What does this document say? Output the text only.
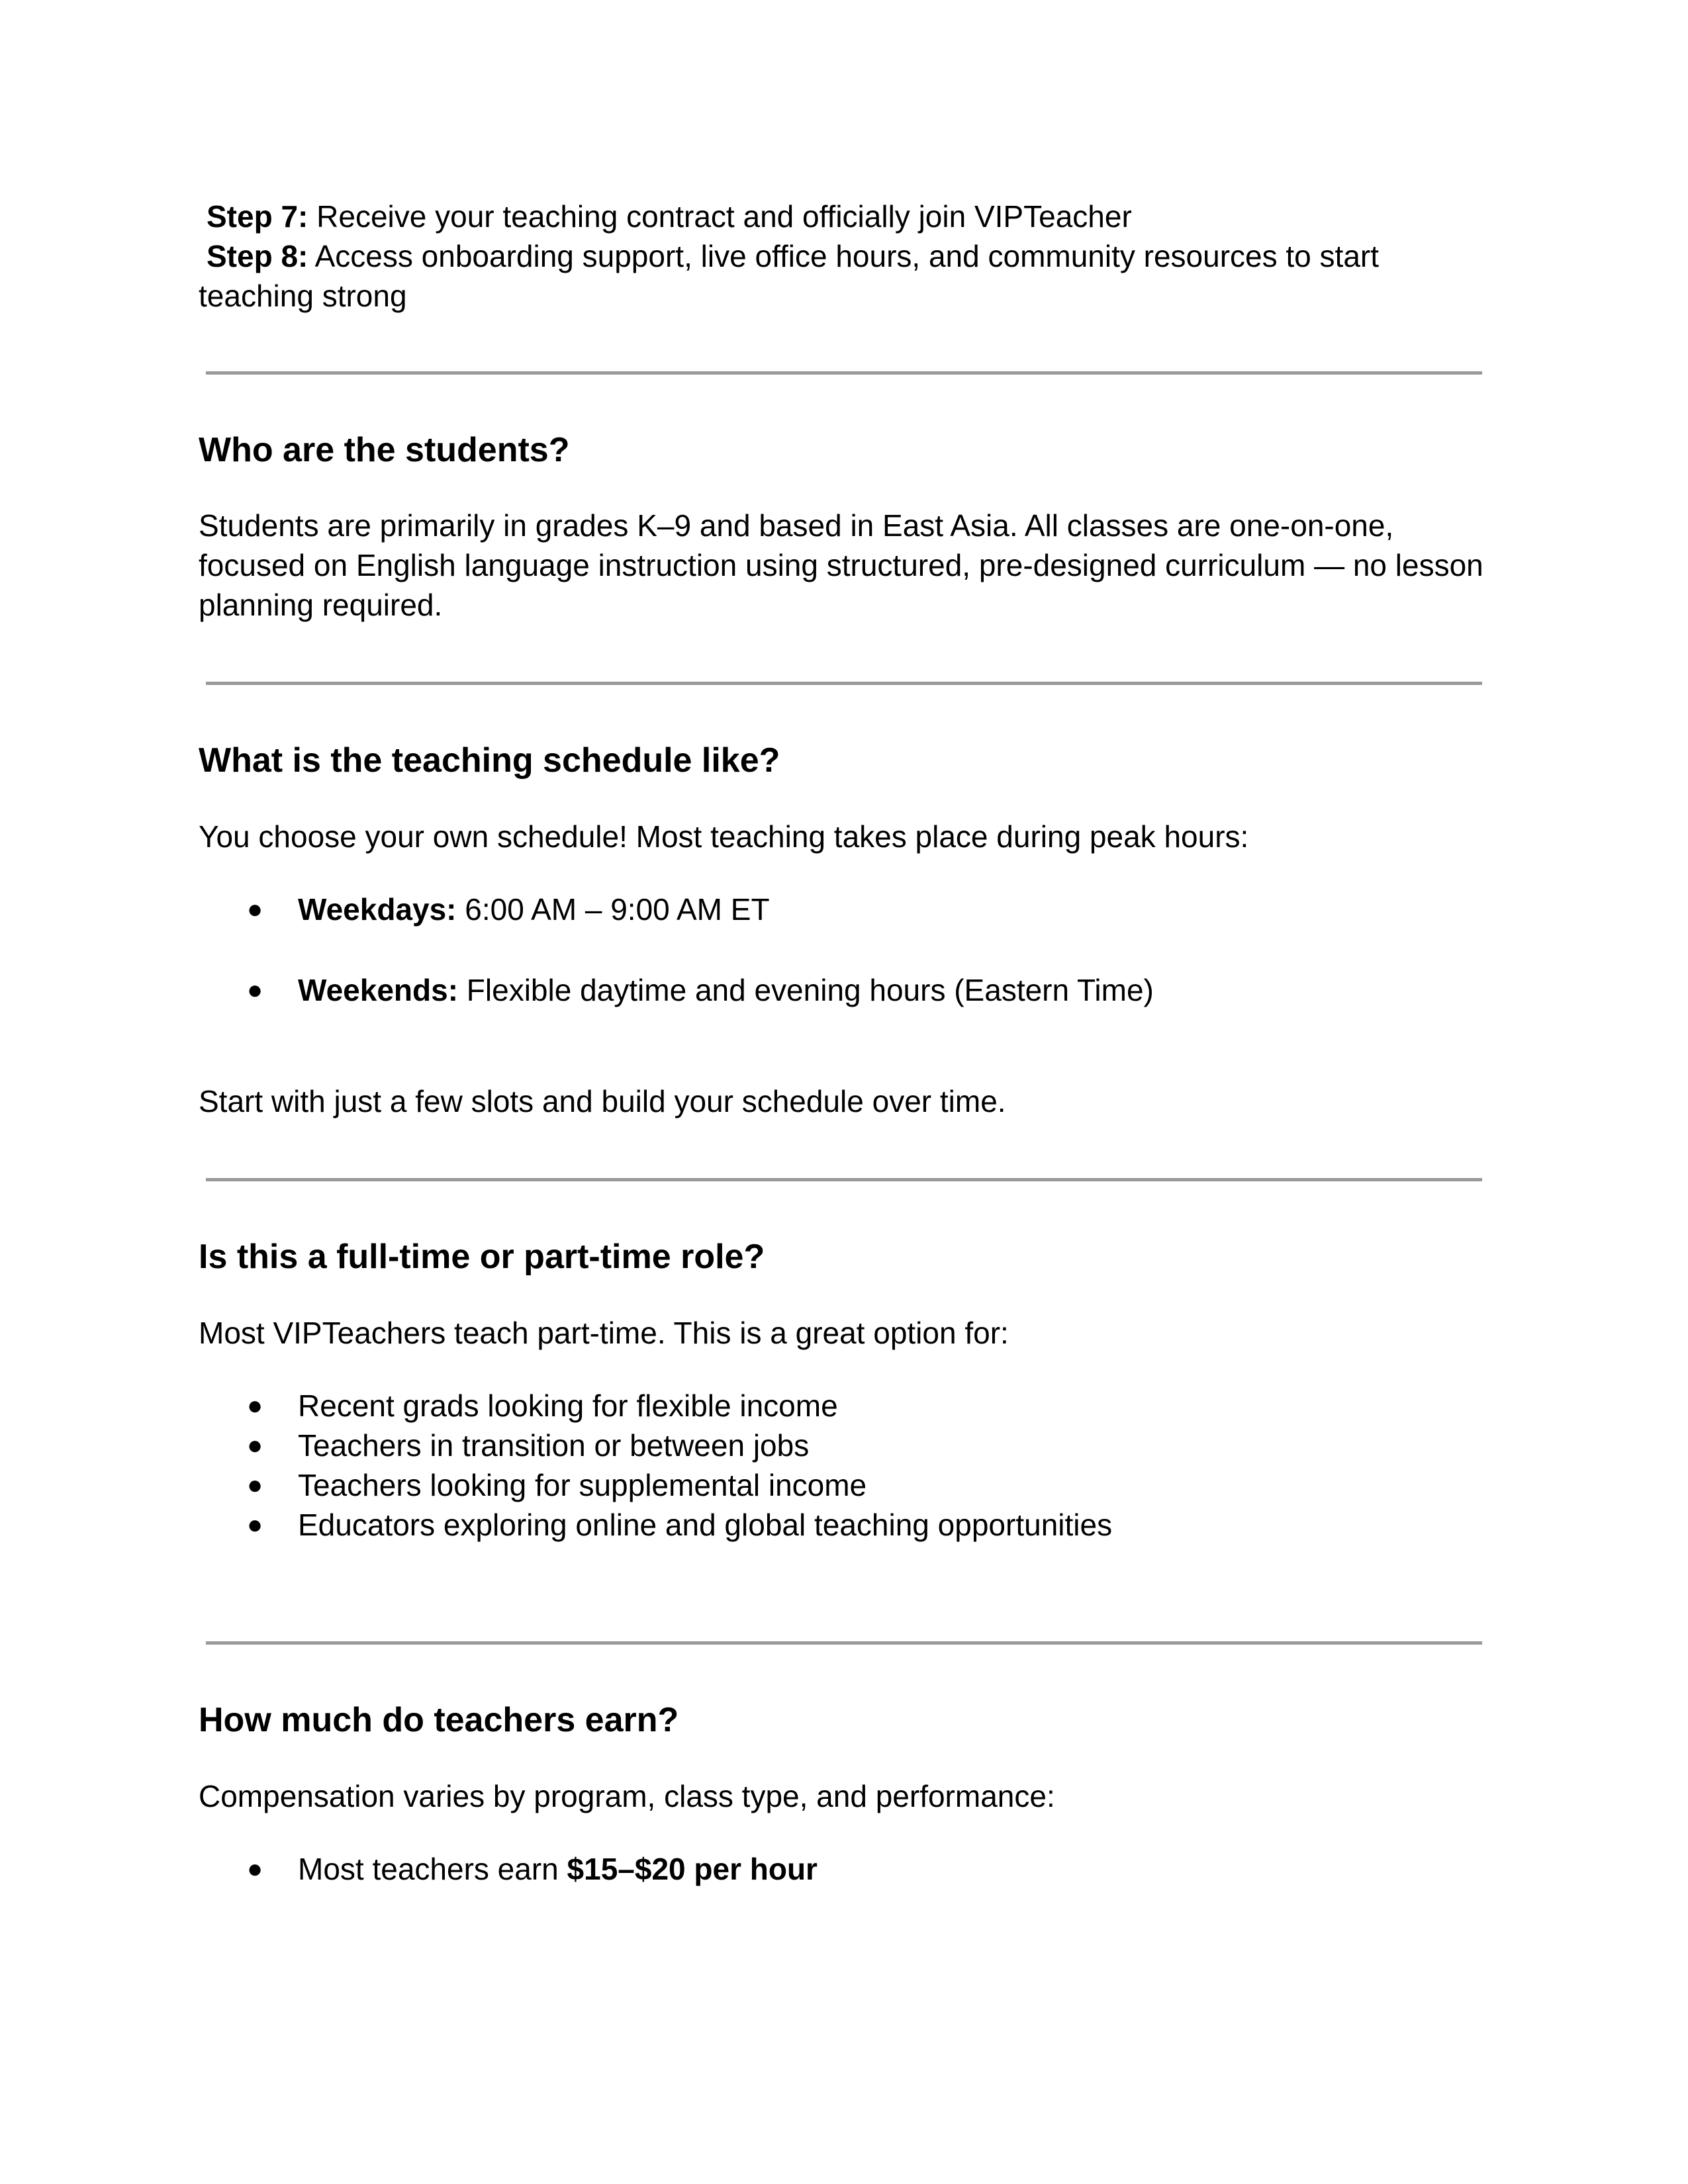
Step 7: Receive your teaching contract and officially join VIPTeacher

Step 8: Access onboarding support, live office hours, and community resources to start

teaching strong

Who are the students?

Students are primarily in grades K–9 and based in East Asia. All classes are one-on-one,

focused on English language instruction using structured, pre-designed curriculum — no lesson

planning required.

What is the teaching schedule like?

You choose your own schedule! Most teaching takes place during peak hours:

● Weekdays: 6:00 AM – 9:00 AM ET

● Weekends: Flexible daytime and evening hours (Eastern Time)

Start with just a few slots and build your schedule over time.

Is this a full-time or part-time role?

Most VIPTeachers teach part-time. This is a great option for:

● Recent grads looking for flexible income

● Teachers in transition or between jobs

● Teachers looking for supplemental income

● Educators exploring online and global teaching opportunities

How much do teachers earn?

Compensation varies by program, class type, and performance:

● Most teachers earn $15–$20 per hour
